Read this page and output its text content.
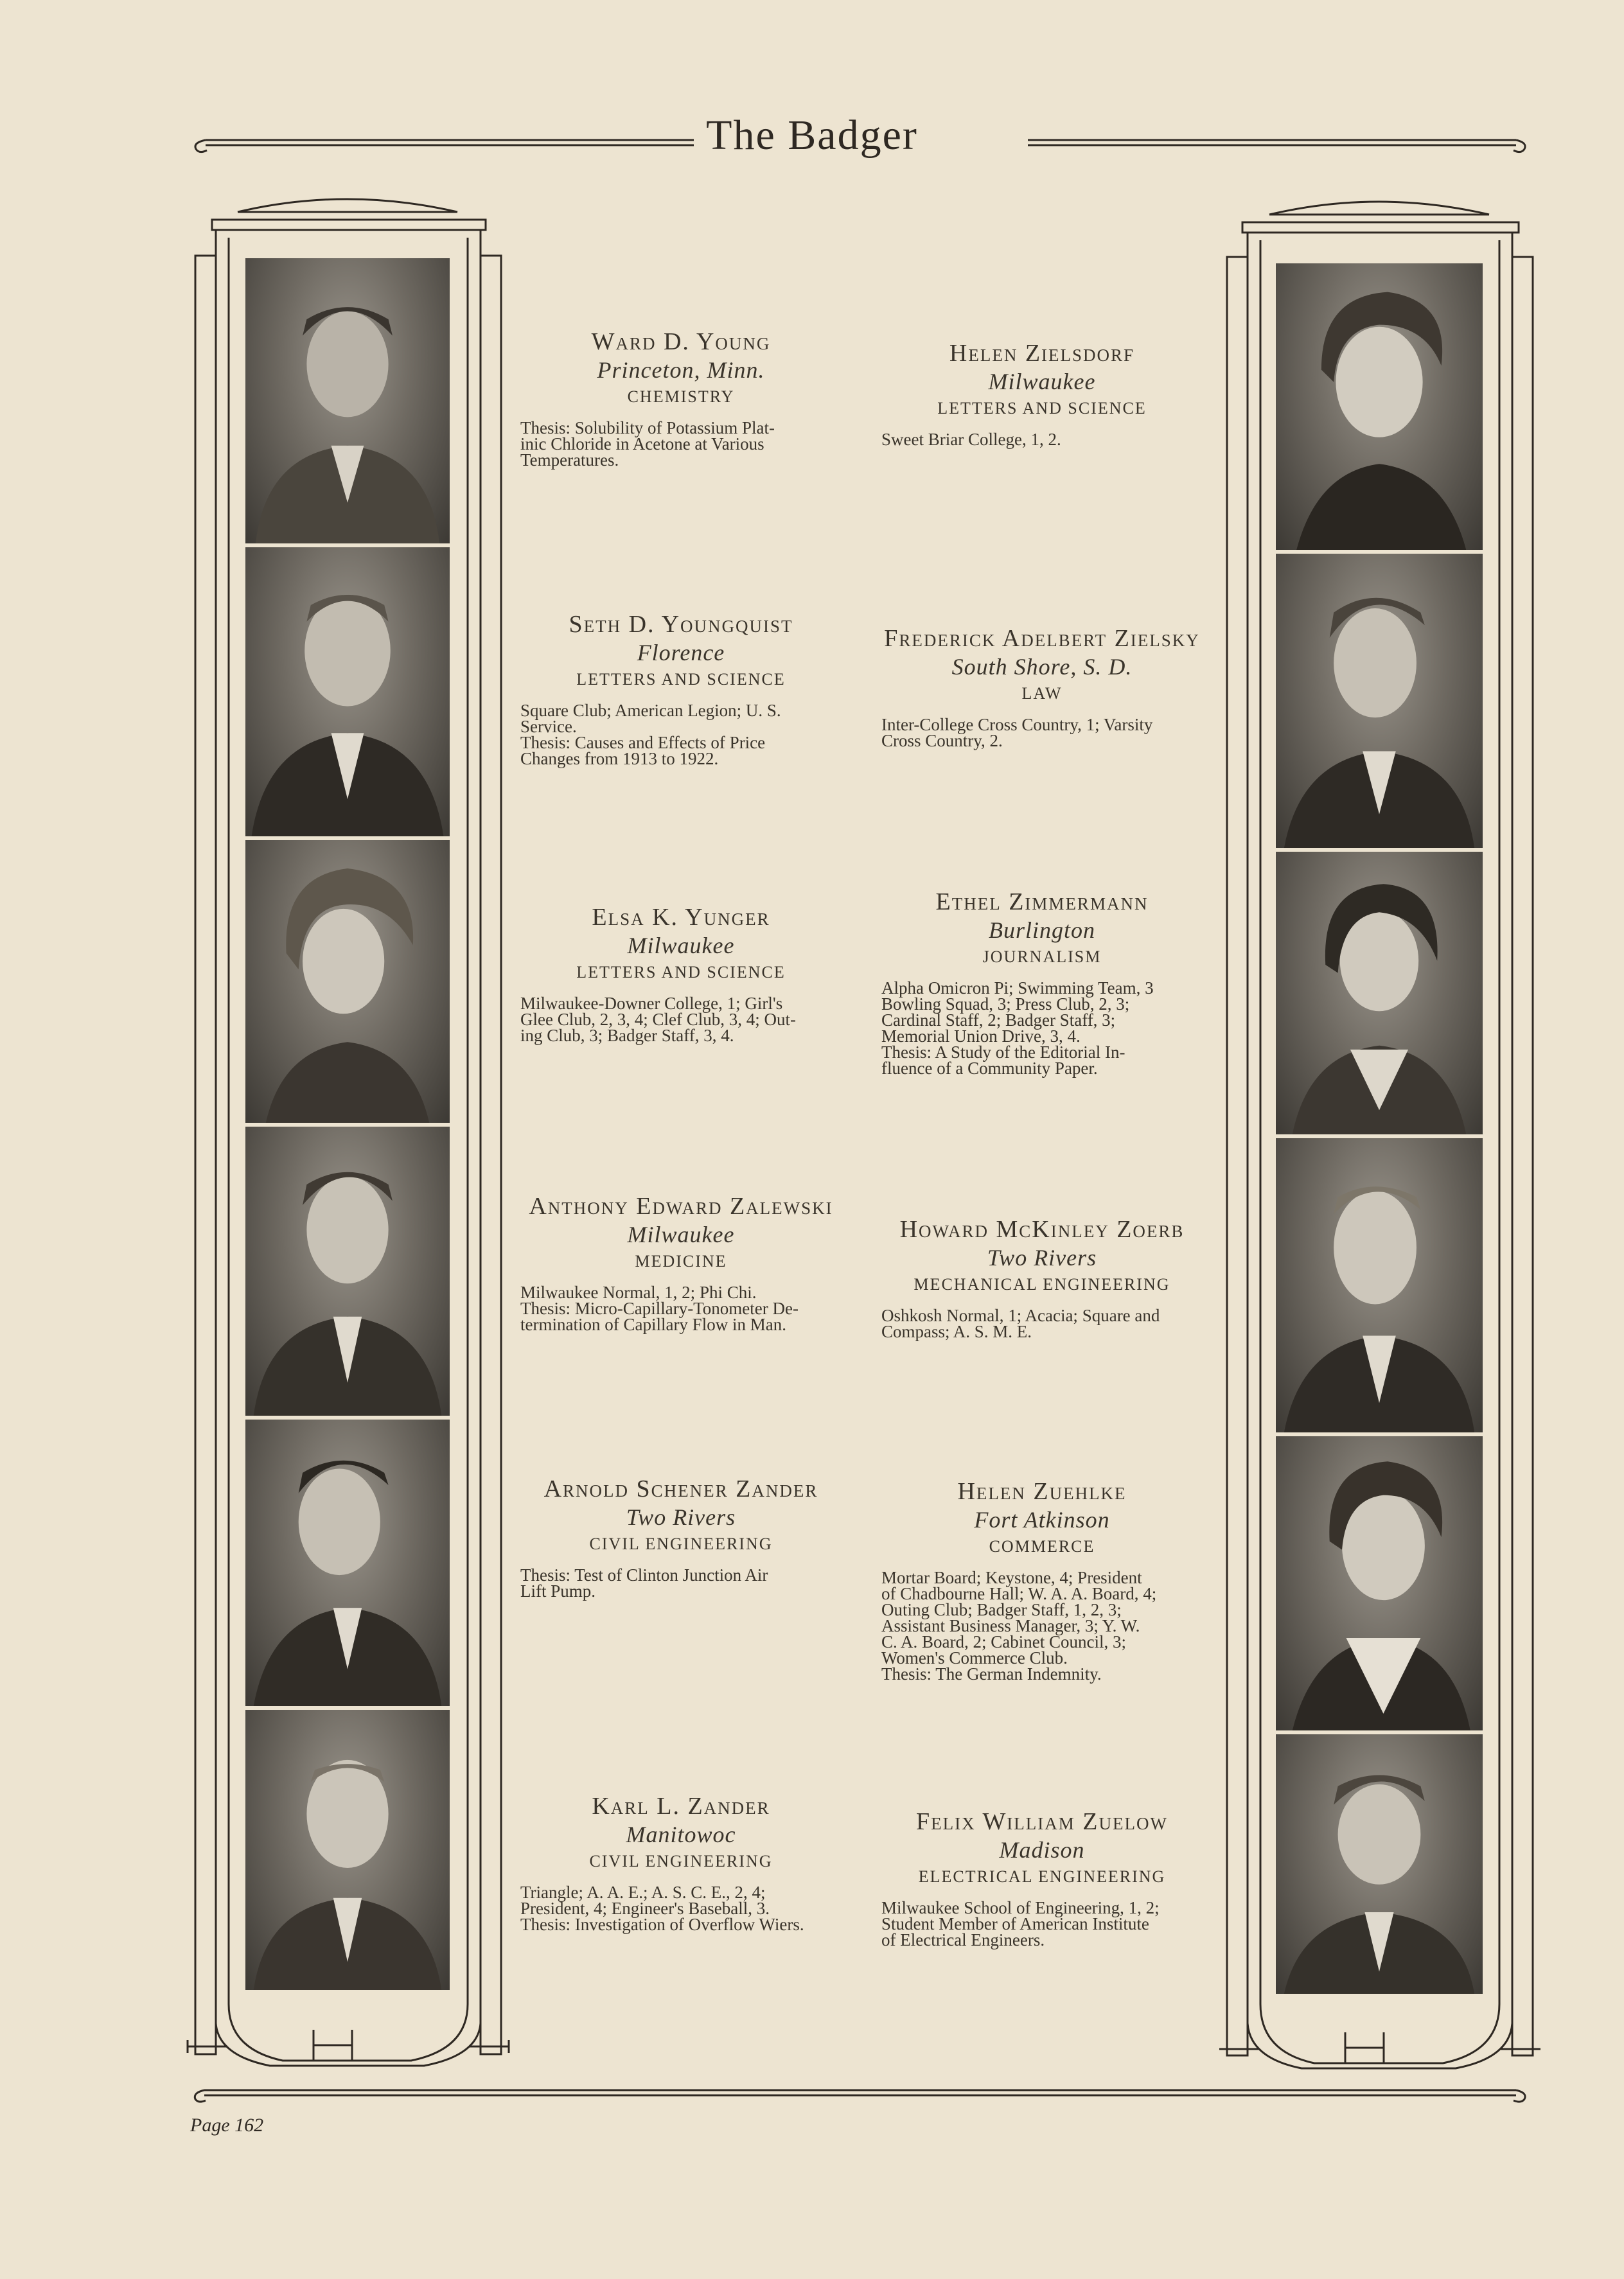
The Badger
Ward D. Young
Princeton, Minn.
CHEMISTRY
Thesis: Solubility of Potassium Plat-
inic Chloride in Acetone at Various
Temperatures.
Seth D. Youngquist
Florence
LETTERS AND SCIENCE
Square Club; American Legion; U. S.
Service.
Thesis: Causes and Effects of Price
Changes from 1913 to 1922.
Elsa K. Yunger
Milwaukee
LETTERS AND SCIENCE
Milwaukee-Downer College, 1; Girl's
Glee Club, 2, 3, 4; Clef Club, 3, 4; Out-
ing Club, 3; Badger Staff, 3, 4.
Anthony Edward Zalewski
Milwaukee
MEDICINE
Milwaukee Normal, 1, 2; Phi Chi.
Thesis: Micro-Capillary-Tonometer De-
termination of Capillary Flow in Man.
Arnold Schener Zander
Two Rivers
CIVIL ENGINEERING
Thesis: Test of Clinton Junction Air
Lift Pump.
Karl L. Zander
Manitowoc
CIVIL ENGINEERING
Triangle; A. A. E.; A. S. C. E., 2, 4;
President, 4; Engineer's Baseball, 3.
Thesis: Investigation of Overflow Wiers.
Helen Zielsdorf
Milwaukee
LETTERS AND SCIENCE
Sweet Briar College, 1, 2.
Frederick Adelbert Zielsky
South Shore, S. D.
LAW
Inter-College Cross Country, 1; Varsity
Cross Country, 2.
Ethel Zimmermann
Burlington
JOURNALISM
Alpha Omicron Pi; Swimming Team, 3
Bowling Squad, 3; Press Club, 2, 3;
Cardinal Staff, 2; Badger Staff, 3;
Memorial Union Drive, 3, 4.
Thesis: A Study of the Editorial In-
fluence of a Community Paper.
Howard McKinley Zoerb
Two Rivers
MECHANICAL ENGINEERING
Oshkosh Normal, 1; Acacia; Square and
Compass; A. S. M. E.
Helen Zuehlke
Fort Atkinson
COMMERCE
Mortar Board; Keystone, 4; President
of Chadbourne Hall; W. A. A. Board, 4;
Outing Club; Badger Staff, 1, 2, 3;
Assistant Business Manager, 3; Y. W.
C. A. Board, 2; Cabinet Council, 3;
Women's Commerce Club.
Thesis: The German Indemnity.
Felix William Zuelow
Madison
ELECTRICAL ENGINEERING
Milwaukee School of Engineering, 1, 2;
Student Member of American Institute
of Electrical Engineers.
Page 162
